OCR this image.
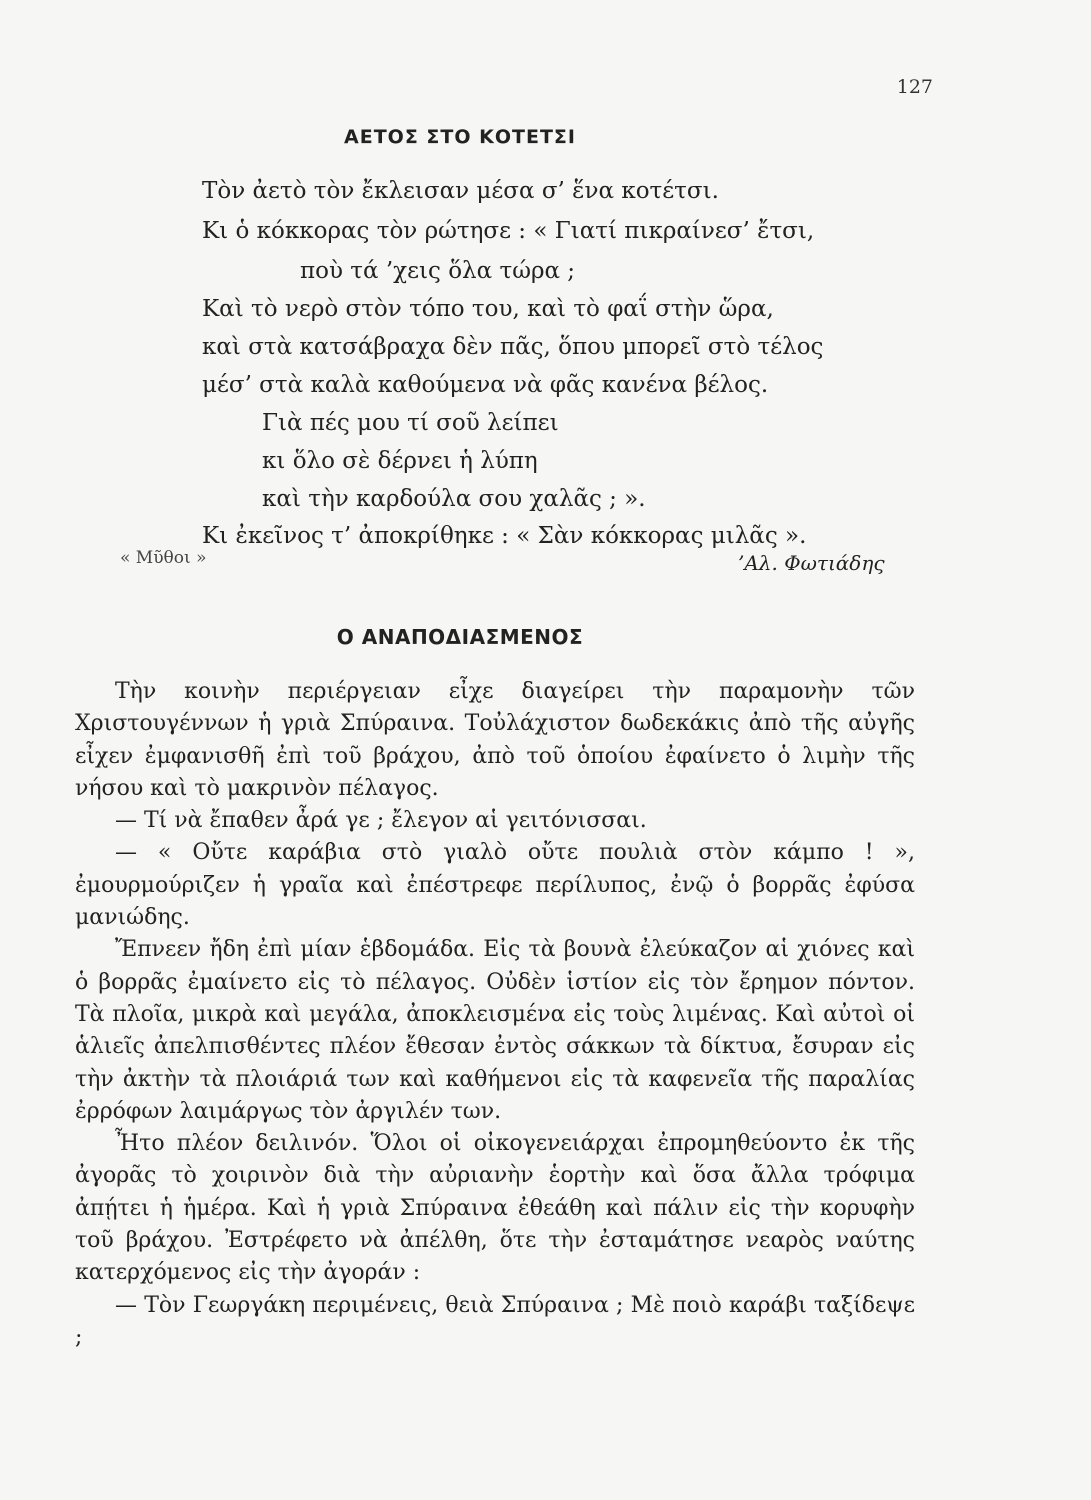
127
ΑΕΤΟΣ ΣΤΟ ΚΟΤΕΤΣΙ
Τὸν ἀετὸ τὸν ἔκλεισαν μέσα σ’ ἕνα κοτέτσι.
Κι ὁ κόκκορας τὸν ρώτησε : « Γιατί πικραίνεσ’ ἔτσι,
ποὺ τά ’χεις ὅλα τώρα ;
Καὶ τὸ νερὸ στὸν τόπο του, καὶ τὸ φαΐ στὴν ὥρα,
καὶ στὰ κατσάβραχα δὲν πᾶς, ὅπου μπορεῖ στὸ τέλος
μέσ’ στὰ καλὰ καθούμενα νὰ φᾶς κανένα βέλος.
Γιὰ πές μου τί σοῦ λείπει
κι ὅλο σὲ δέρνει ἡ λύπη
καὶ τὴν καρδούλα σου χαλᾶς ; ».
Κι ἐκεῖνος τ’ ἀποκρίθηκε : « Σὰν κόκκορας μιλᾶς ».
« Μῦθοι »	’Αλ. Φωτιάδης
Ο ΑΝΑΠΟΔΙΑΣΜΕΝΟΣ

Τὴν κοινὴν περιέργειαν εἶχε διαγείρει τὴν παραμονὴν τῶν Χριστουγέννων ἡ γριὰ Σπύραινα. Τοὐλάχιστον δωδεκάκις ἀπὸ τῆς αὐγῆς εἶχεν ἐμφανισθῆ ἐπὶ τοῦ βράχου, ἀπὸ τοῦ ὁποίου ἐφαίνετο ὁ λιμὴν τῆς νήσου καὶ τὸ μακρινὸν πέλαγος.

— Τί νὰ ἔπαθεν ἆρά γε ; ἔλεγον αἱ γειτόνισσαι.

— « Οὔτε καράβια στὸ γιαλὸ οὔτε πουλιὰ στὸν κάμπο ! », ἐμουρμούριζεν ἡ γραῖα καὶ ἐπέστρεφε περίλυπος, ἐνῷ ὁ βορρᾶς ἐφύσα μανιώδης.

Ἔπνεεν ἤδη ἐπὶ μίαν ἑβδομάδα. Εἰς τὰ βουνὰ ἐλεύκαζον αἱ χιόνες καὶ ὁ βορρᾶς ἐμαίνετο εἰς τὸ πέλαγος. Οὐδὲν ἱστίον εἰς τὸν ἔρημον πόντον. Τὰ πλοῖα, μικρὰ καὶ μεγάλα, ἀποκλεισμένα εἰς τοὺς λιμένας. Καὶ αὐτοὶ οἱ ἁλιεῖς ἀπελπισθέντες πλέον ἔθεσαν ἐντὸς σάκκων τὰ δίκτυα, ἔσυραν εἰς τὴν ἀκτὴν τὰ πλοιάριά των καὶ καθήμενοι εἰς τὰ καφενεῖα τῆς παραλίας ἐρρόφων λαιμάργως τὸν ἀργιλέν των.

Ἦτο πλέον δειλινόν. Ὅλοι οἱ οἰκογενειάρχαι ἐπρομηθεύοντο ἐκ τῆς ἀγορᾶς τὸ χοιρινὸν διὰ τὴν αὐριανὴν ἑορτὴν καὶ ὅσα ἄλλα τρόφιμα ἀπῄτει ἡ ἡμέρα. Καὶ ἡ γριὰ Σπύραινα ἐθεάθη καὶ πάλιν εἰς τὴν κορυφὴν τοῦ βράχου. Ἐστρέφετο νὰ ἀπέλθη, ὅτε τὴν ἐσταμάτησε νεαρὸς ναύτης κατερχόμενος εἰς τὴν ἀγοράν :

— Τὸν Γεωργάκη περιμένεις, θειὰ Σπύραινα ; Μὲ ποιὸ καράβι ταξίδεψε ;
